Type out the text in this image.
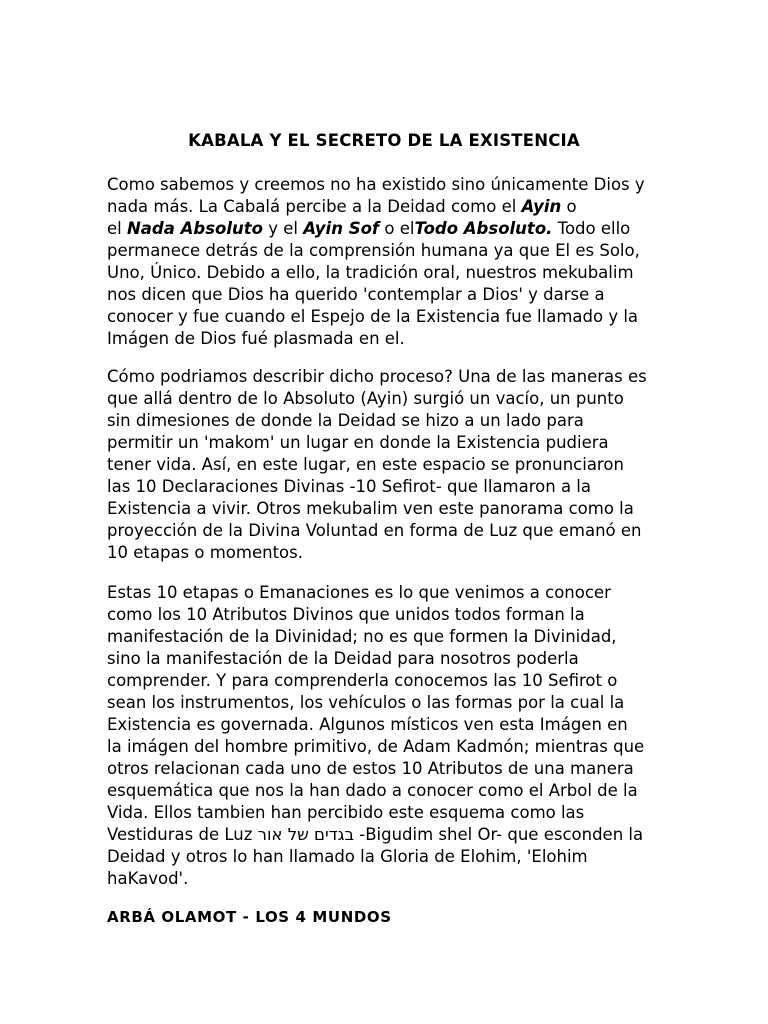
KABALA Y EL SECRETO DE LA EXISTENCIA
Como sabemos y creemos no ha existido sino únicamente Dios y
nada más. La Cabalá percibe a la Deidad como el Ayin o
el Nada Absoluto y el Ayin Sof o elTodo Absoluto. Todo ello
permanece detrás de la comprensión humana ya que El es Solo,
Uno, Único. Debido a ello, la tradición oral, nuestros mekubalim
nos dicen que Dios ha querido 'contemplar a Dios' y darse a
conocer y fue cuando el Espejo de la Existencia fue llamado y la
Imágen de Dios fué plasmada en el.
Cómo podriamos describir dicho proceso? Una de las maneras es
que allá dentro de lo Absoluto (Ayin) surgió un vacío, un punto
sin dimesiones de donde la Deidad se hizo a un lado para
permitir un 'makom' un lugar en donde la Existencia pudiera
tener vida. Así, en este lugar, en este espacio se pronunciaron
las 10 Declaraciones Divinas -10 Sefirot- que llamaron a la
Existencia a vivir. Otros mekubalim ven este panorama como la
proyección de la Divina Voluntad en forma de Luz que emanó en
10 etapas o momentos.
Estas 10 etapas o Emanaciones es lo que venimos a conocer
como los 10 Atributos Divinos que unidos todos forman la
manifestación de la Divinidad; no es que formen la Divinidad,
sino la manifestación de la Deidad para nosotros poderla
comprender. Y para comprenderla conocemos las 10 Sefirot o
sean los instrumentos, los vehículos o las formas por la cual la
Existencia es governada. Algunos místicos ven esta Imágen en
la imágen del hombre primitivo, de Adam Kadmón; mientras que
otros relacionan cada uno de estos 10 Atributos de una manera
esquemática que nos la han dado a conocer como el Arbol de la
Vida. Ellos tambien han percibido este esquema como las
Vestiduras de Luz בגדים של אור -Bigudim shel Or- que esconden la
Deidad y otros lo han llamado la Gloria de Elohim, 'Elohim
haKavod'.
ARBÁ OLAMOT - LOS 4 MUNDOS
